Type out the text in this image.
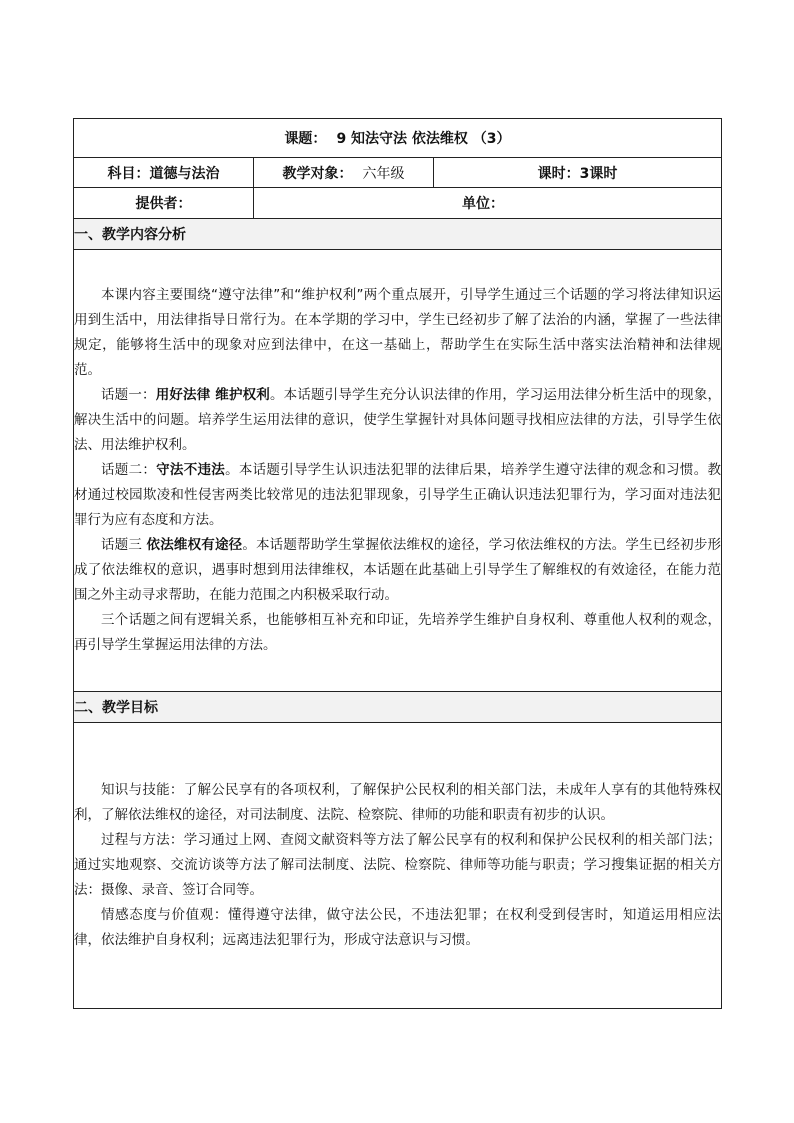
课题： 9 知法守法 依法维权 （3）		
科目：道德与法治	教学对象： 六年级	课时：3课时
提供者：	单位：	
一、教学内容分析		

本课内容主要围绕“遵守法律”和“维护权利”两个重点展开，引导学生通过三个话题的学习将法律知识运用到生活中，用法律指导日常行为。在本学期的学习中，学生已经初步了解了法治的内涵，掌握了一些法律规定，能够将生活中的现象对应到法律中，在这一基础上，帮助学生在实际生活中落实法治精神和法律规范。

话题一：用好法律 维护权利。本话题引导学生充分认识法律的作用，学习运用法律分析生活中的现象，解决生活中的问题。培养学生运用法律的意识，使学生掌握针对具体问题寻找相应法律的方法，引导学生依法、用法维护权利。

话题二：守法不违法。本话题引导学生认识违法犯罪的法律后果，培养学生遵守法律的观念和习惯。教材通过校园欺凌和性侵害两类比较常见的违法犯罪现象，引导学生正确认识违法犯罪行为，学习面对违法犯罪行为应有态度和方法。

话题三 依法维权有途径。本话题帮助学生掌握依法维权的途径，学习依法维权的方法。学生已经初步形成了依法维权的意识，遇事时想到用法律维权，本话题在此基础上引导学生了解维权的有效途径，在能力范围之外主动寻求帮助，在能力范围之内积极采取行动。

三个话题之间有逻辑关系，也能够相互补充和印证，先培养学生维护自身权利、尊重他人权利的观念，再引导学生掌握运用法律的方法。		

二、教学目标		

知识与技能：了解公民享有的各项权利，了解保护公民权利的相关部门法，未成年人享有的其他特殊权利，了解依法维权的途径，对司法制度、法院、检察院、律师的功能和职责有初步的认识。

过程与方法：学习通过上网、查阅文献资料等方法了解公民享有的权利和保护公民权利的相关部门法；通过实地观察、交流访谈等方法了解司法制度、法院、检察院、律师等功能与职责；学习搜集证据的相关方法：摄像、录音、签订合同等。

情感态度与价值观：懂得遵守法律，做守法公民，不违法犯罪；在权利受到侵害时，知道运用相应法律，依法维护自身权利；远离违法犯罪行为，形成守法意识与习惯。		
